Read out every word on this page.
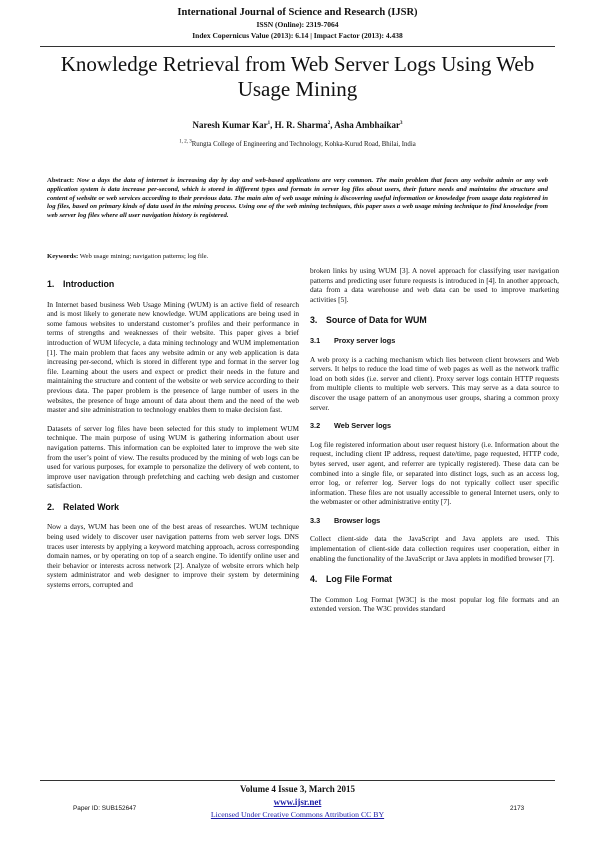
International Journal of Science and Research (IJSR)
ISSN (Online): 2319-7064
Index Copernicus Value (2013): 6.14 | Impact Factor (2013): 4.438
Knowledge Retrieval from Web Server Logs Using Web Usage Mining
Naresh Kumar Kar$^1$, H. R. Sharma$^2$, Asha Ambhaikar$^3$
$^{1, 2, 3}$Rungta College of Engineering and Technology, Kohka-Kurud Road, Bhilai, India
Abstract: Now a days the data of internet is increasing day by day and web-based applications are very common. The main problem that faces any website admin or any web application system is data increase per-second, which is stored in different types and formats in server log files about users, their future needs and maintains the structure and content of website or web services according to their previous data. The main aim of web usage mining is discovering useful information or knowledge from usage data registered in log files, based on primary kinds of data used in the mining process. Using one of the web mining techniques, this paper uses a web usage mining technique to find knowledge from web server log files where all user navigation history is registered.
Keywords: Web usage mining; navigation patterns; log file.
1. Introduction

In Internet based business Web Usage Mining (WUM) is an active field of research and is most likely to generate new knowledge. WUM applications are being used in some famous websites to understand customer’s profiles and their performance in terms of strengths and weaknesses of their website. This paper gives a brief introduction of WUM lifecycle, a data mining technology and WUM implementation [1]. The main problem that faces any website admin or any web application is data increasing per-second, which is stored in different type and format in the server log file. Learning about the users and expect or predict their needs in the future and maintaining the structure and content of the website or web service according to their previous data. The paper problem is the presence of large number of users in the websites, the presence of huge amount of data about them and the need of the web master and site administration to technology enables them to make decision fast.

Datasets of server log files have been selected for this study to implement WUM technique. The main purpose of using WUM is gathering information about user navigation patterns. This information can be exploited later to improve the web site from the user’s point of view. The results produced by the mining of web logs can be used for various purposes, for example to personalize the delivery of web content, to improve user navigation through prefetching and caching web design and customer satisfaction.

2. Related Work

Now a days, WUM has been one of the best areas of researches. WUM technique being used widely to discover user navigation patterns from web server logs. DNS traces user interests by applying a keyword matching approach, across corresponding domain names, or by operating on top of a search engine. To identify online user and their behavior or interests across network [2]. Analyze of website errors which help system administrator and web designer to improve their system by determining systems errors, corrupted and

broken links by using WUM [3]. A novel approach for classifying user navigation patterns and predicting user future requests is introduced in [4]. In another approach, data from a data warehouse and web data can be used to improve marketing activities [5].

3. Source of Data for WUM
3.1 Proxy server logs

A web proxy is a caching mechanism which lies between client browsers and Web servers. It helps to reduce the load time of web pages as well as the network traffic load on both sides (i.e. server and client). Proxy server logs contain HTTP requests from multiple clients to multiple web servers. This may serve as a data source to discover the usage pattern of an anonymous user groups, sharing a common proxy server.

3.2 Web Server logs

Log file registered information about user request history (i.e. Information about the request, including client IP address, request date/time, page requested, HTTP code, bytes served, user agent, and referrer are typically registered). These data can be combined into a single file, or separated into distinct logs, such as an access log, error log, or referrer log. Server logs do not typically collect user specific information. These files are not usually accessible to general Internet users, only to the webmaster or other administrative entity [7].

3.3 Browser logs

Collect client-side data the JavaScript and Java applets are used. This implementation of client-side data collection requires user cooperation, either in enabling the functionality of the JavaScript or Java applets in modified browser [7].

4. Log File Format

The Common Log Format [W3C] is the most popular log file formats and an extended version. The W3C provides standard

Volume 4 Issue 3, March 2015
www.ijsr.net
Licensed Under Creative Commons Attribution CC BY
Paper ID: SUB152647	2173
